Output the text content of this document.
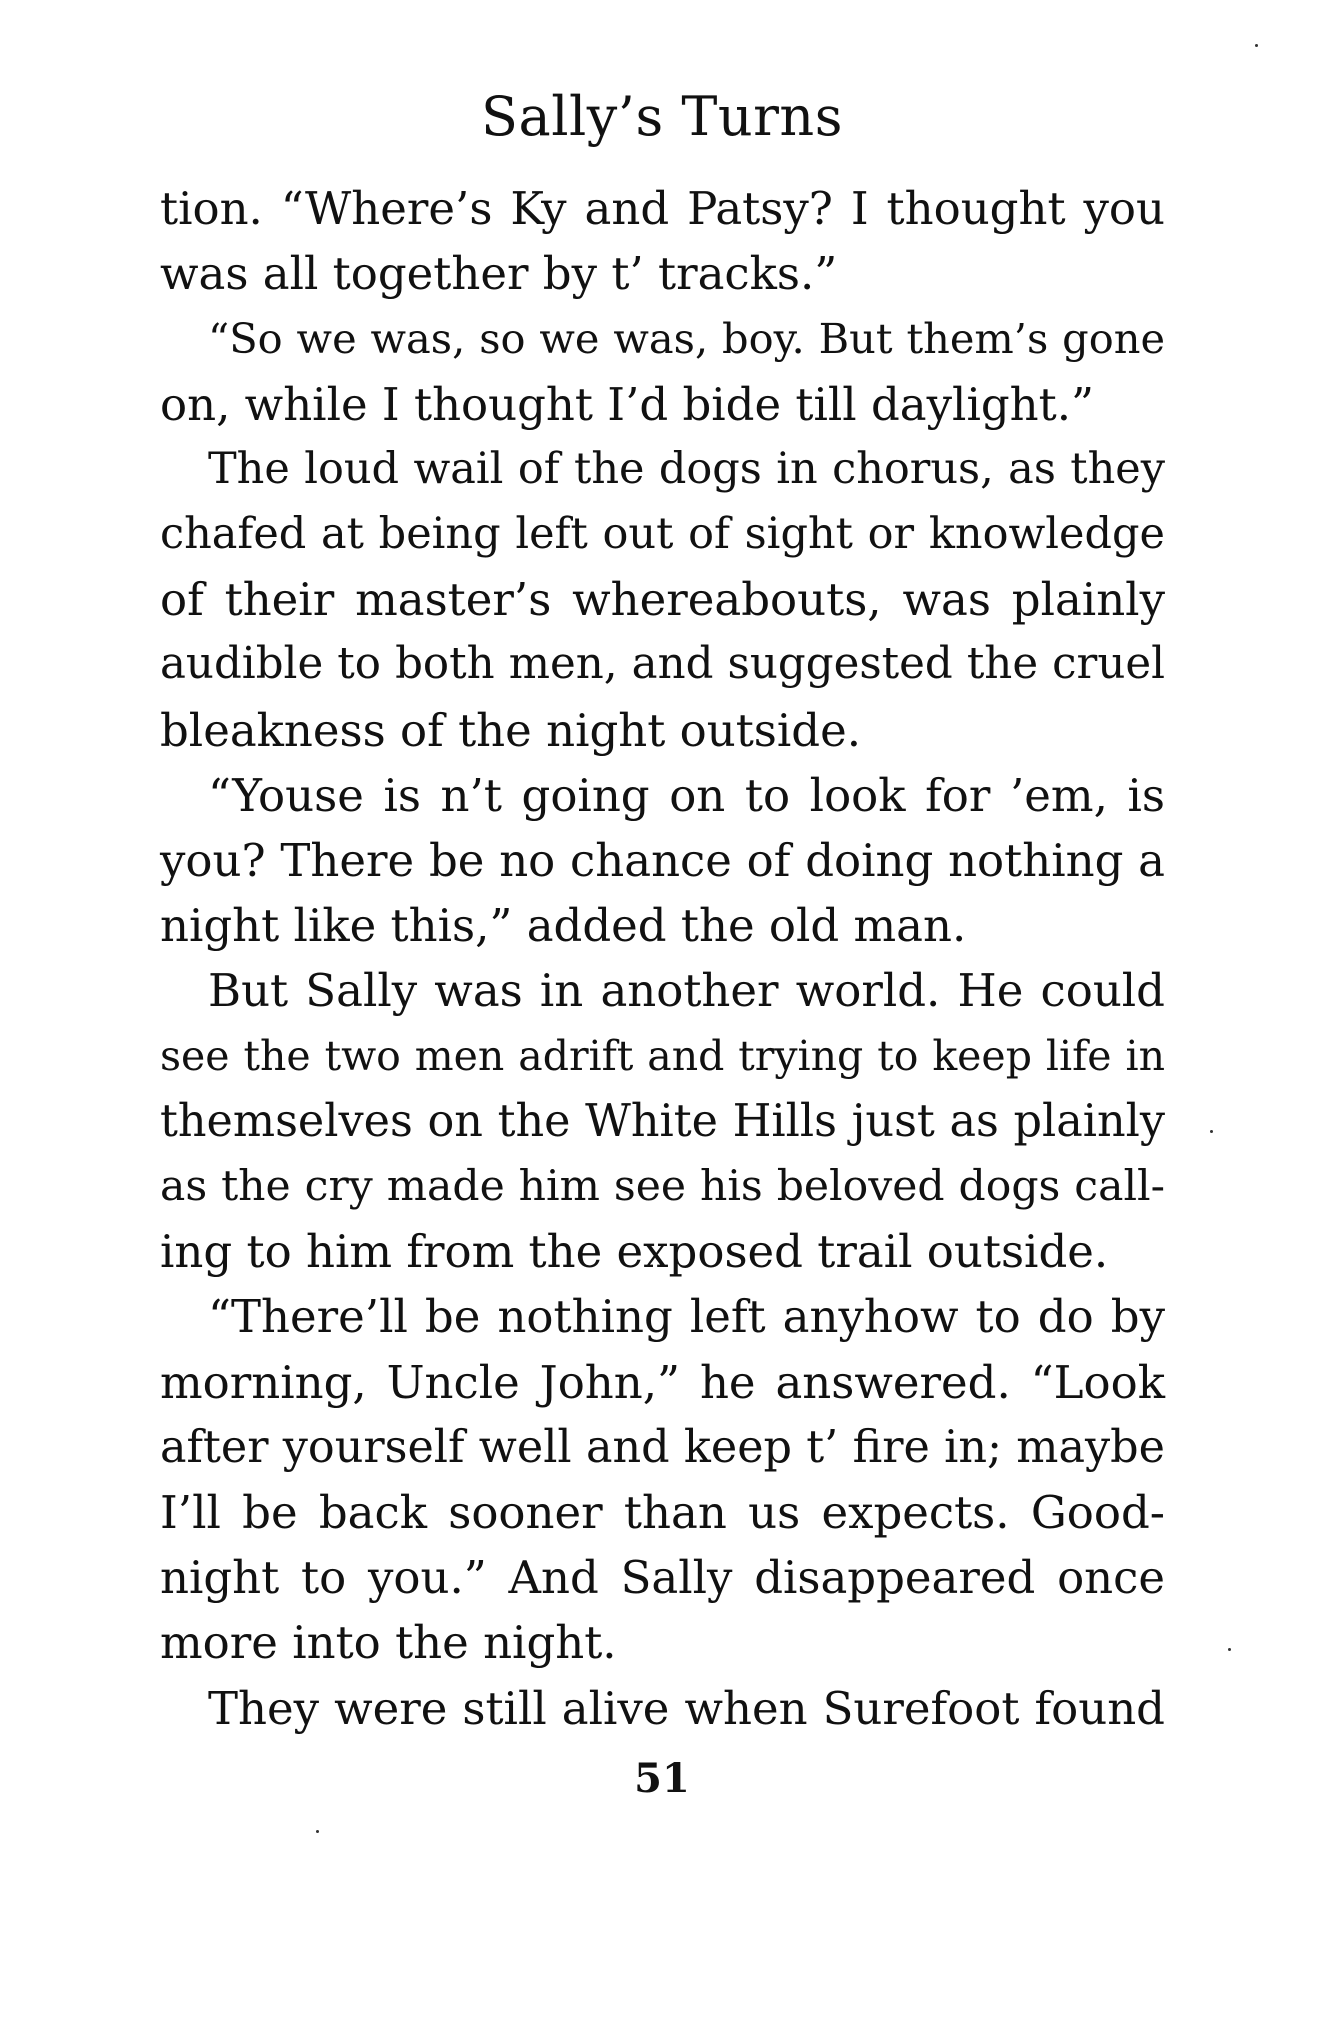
Sally’s Turns
tion. “Where’s Ky and Patsy? I thought you
was all together by t’ tracks.”
“So we was, so we was, boy. But them’s gone
on, while I thought I’d bide till daylight.”
The loud wail of the dogs in chorus, as they
chafed at being left out of sight or knowledge
of their master’s whereabouts, was plainly
audible to both men, and suggested the cruel
bleakness of the night outside.
“Youse is n’t going on to look for ’em, is
you? There be no chance of doing nothing a
night like this,” added the old man.
But Sally was in another world. He could
see the two men adrift and trying to keep life in
themselves on the White Hills just as plainly
as the cry made him see his beloved dogs call-
ing to him from the exposed trail outside.
“There’ll be nothing left anyhow to do by
morning, Uncle John,” he answered. “Look
after yourself well and keep t’ fire in; maybe
I’ll be back sooner than us expects. Good-
night to you.” And Sally disappeared once
more into the night.
They were still alive when Surefoot found
51
